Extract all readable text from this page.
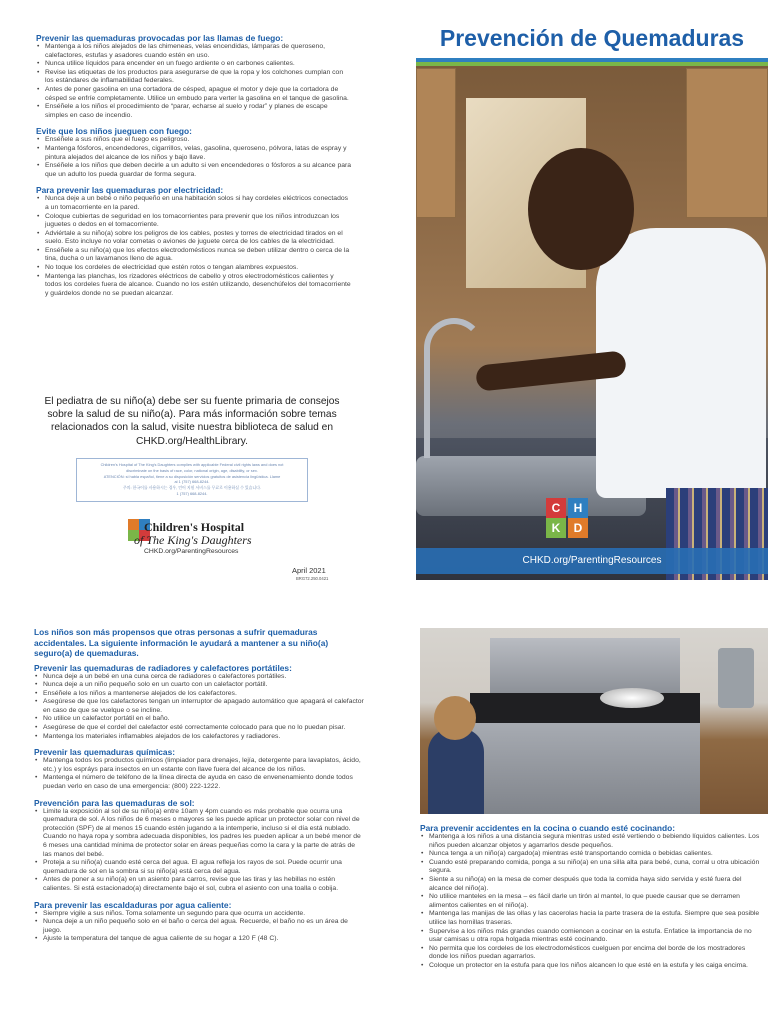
Prevención de Quemaduras
Prevenir las quemaduras provocadas por las llamas de fuego:
• Mantenga a los niños alejados de las chimeneas, velas encendidas, lámparas de queroseno, calefactores, estufas y asadores cuando estén en uso.
• Nunca utilice líquidos para encender en un fuego ardiente o en carbones calientes.
• Revise las etiquetas de los productos para asegurarse de que la ropa y los colchones cumplan con los estándares de inflamabilidad federales.
• Antes de poner gasolina en una cortadora de césped, apague el motor y deje que la cortadora de césped se enfríe completamente. Utilice un embudo para verter la gasolina en el tanque de gasolina.
• Enséñele a los niños el procedimiento de “parar, echarse al suelo y rodar” y planes de escape simples en caso de incendio.
Evite que los niños jueguen con fuego:
• Enséñele a sus niños que el fuego es peligroso.
• Mantenga fósforos, encendedores, cigarrillos, velas, gasolina, queroseno, pólvora, latas de espray y pintura alejados del alcance de los niños y bajo llave.
• Enséñele a los niños que deben decirle a un adulto si ven encendedores o fósforos a su alcance para que un adulto los pueda guardar de forma segura.
Para prevenir las quemaduras por electricidad:
• Nunca deje a un bebé o niño pequeño en una habitación solos si hay cordeles eléctricos conectados a un tomacorriente en la pared.
• Coloque cubiertas de seguridad en los tomacorrientes para prevenir que los niños introduzcan los juguetes o dedos en el tomacorriente.
• Adviértale a su niño(a) sobre los peligros de los cables, postes y torres de electricidad tirados en el suelo. Esto incluye no volar cometas o aviones de juguete cerca de los cables de la electricidad.
• Enséñele a su niño(a) que los efectos electrodomésticos nunca se deben utilizar dentro o cerca de la tina, ducha o un lavamanos lleno de agua.
• No toque los cordeles de electricidad que estén rotos o tengan alambres expuestos.
• Mantenga las planchas, los rizadores eléctricos de cabello y otros electrodomésticos calientes y todos los cordeles fuera de alcance. Cuando no los estén utilizando, desenchúfelos del tomacorriente y guárdelos donde no se puedan alcanzar.
El pediatra de su niño(a) debe ser su fuente primaria de consejos sobre la salud de su niño(a). Para más información sobre temas relacionados con la salud, visite nuestra biblioteca de salud en CHKD.org/HealthLibrary.
Children's Hospital of The King's Daughters complies with applicable Federal civil rights laws and does not
discriminate on the basis of race, color, national origin, age, disability, or sex.
ATENCIÓN: si habla español, tiene a su disposición servicios gratuitos de asistencia lingüística. Llame
al 1 (757) 668-8244.
주의: 한국어를 사용하시는 경우, 언어 지원 서비스를 무료로 이용하실 수 있습니다.
1 (757) 668-8244.
Children's Hospital
of The King's Daughters
CHKD.org/ParentingResources
April 2021
BRG72.250.0421
C	H
K	D
CHKD.org/ParentingResources
Los niños son más propensos que otras personas a sufrir quemaduras accidentales. La siguiente información le ayudará a mantener a su niño(a) seguro(a) de quemaduras.
Prevenir las quemaduras de radiadores y calefactores portátiles:
• Nunca deje a un bebé en una cuna cerca de radiadores o calefactores portátiles.
• Nunca deje a un niño pequeño solo en un cuarto con un calefactor portátil.
• Enséñele a los niños a mantenerse alejados de los calefactores.
• Asegúrese de que los calefactores tengan un interruptor de apagado automático que apagará el calefactor en caso de que se vuelque o se incline.
• No utilice un calefactor portátil en el baño.
• Asegúrese de que el cordel del calefactor esté correctamente colocado para que no lo puedan pisar.
• Mantenga los materiales inflamables alejados de los calefactores y radiadores.
Prevenir las quemaduras químicas:
• Mantenga todos los productos químicos (limpiador para drenajes, lejía, detergente para lavaplatos, ácido, etc.) y los espráys para insectos en un estante con llave fuera del alcance de los niños.
• Mantenga el número de teléfono de la línea directa de ayuda en caso de envenenamiento donde todos puedan verlo en caso de una emergencia: (800) 222-1222.
Prevención para las quemaduras de sol:
• Limite la exposición al sol de su niño(a) entre 10am y 4pm cuando es más probable que ocurra una quemadura de sol. A los niños de 6 meses o mayores se les puede aplicar un protector solar con nivel de protección (SPF) de al menos 15 cuando estén jugando a la intemperie, incluso si el día está nublado. Cuando no haya ropa y sombra adecuada disponibles, los padres les pueden aplicar a un bebé menor de 6 meses una cantidad mínima de protector solar en áreas pequeñas como la cara y la parte de atrás de las manos del bebé.
• Proteja a su niño(a) cuando esté cerca del agua. El agua refleja los rayos de sol. Puede ocurrir una quemadura de sol en la sombra si su niño(a) está cerca del agua.
• Antes de poner a su niño(a) en un asiento para carros, revise que las tiras y las hebillas no estén calientes. Si está estacionado(a) directamente bajo el sol, cubra el asiento con una toalla o cobija.
Para prevenir las escaldaduras por agua caliente:
• Siempre vigile a sus niños. Toma solamente un segundo para que ocurra un accidente.
• Nunca deje a un niño pequeño solo en el baño o cerca del agua. Recuerde, el baño no es un área de juego.
• Ajuste la temperatura del tanque de agua caliente de su hogar a 120 F (48 C).
Para prevenir accidentes en la cocina o cuando esté cocinando:
• Mantenga a los niños a una distancia segura mientras usted esté vertiendo o bebiendo líquidos calientes. Los niños pueden alcanzar objetos y agarrarlos desde pequeños.
• Nunca tenga a un niño(a) cargado(a) mientras esté transportando comida o bebidas calientes.
• Cuando esté preparando comida, ponga a su niño(a) en una silla alta para bebé, cuna, corral u otra ubicación segura.
• Siente a su niño(a) en la mesa de comer después que toda la comida haya sido servida y esté fuera del alcance del niño(a).
• No utilice manteles en la mesa – es fácil darle un tirón al mantel, lo que puede causar que se derramen alimentos calientes en el niño(a).
• Mantenga las manijas de las ollas y las cacerolas hacia la parte trasera de la estufa. Siempre que sea posible utilice las hornillas traseras.
• Supervise a los niños más grandes cuando comiencen a cocinar en la estufa. Enfatice la importancia de no usar camisas u otra ropa holgada mientras esté cocinando.
• No permita que los cordeles de los electrodomésticos cuelguen por encima del borde de los mostradores donde los niños puedan agarrarlos.
• Coloque un protector en la estufa para que los niños alcancen lo que esté en la estufa y les caiga encima.
